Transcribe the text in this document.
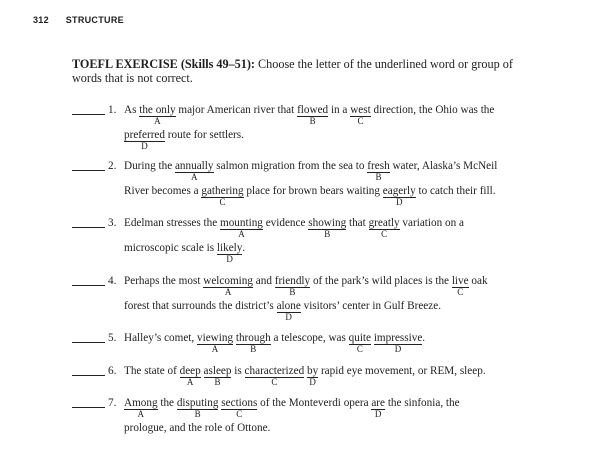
312 STRUCTURE
TOEFL EXERCISE (Skills 49–51): Choose the letter of the underlined word or group of words that is not correct.
1. As the only
A
major American river that flowed
B
in a west
C
direction, the Ohio was the
preferred
D
route for settlers.
2. During the annually
A
salmon migration from the sea to fresh
B
water, Alaska’s McNeil
River becomes a gathering
C
place for brown bears waiting eagerly
D
to catch their fill.
3. Edelman stresses the mounting
A
evidence showing
B
that greatly
C
variation on a
microscopic scale is likely
D
.
4. Perhaps the most welcoming
A
and friendly
B
of the park’s wild places is the live
C
oak
forest that surrounds the district’s alone
D
visitors’ center in Gulf Breeze.
5. Halley’s comet, viewing
A
through
B
a telescope, was quite
C
impressive
D
.
6. The state of deep
A
asleep
B
is characterized
C
by
D
rapid eye movement, or REM, sleep.
7. Among
A
the disputing
B
sections
C
of the Monteverdi opera are
D
the sinfonia, the
prologue, and the role of Ottone.
